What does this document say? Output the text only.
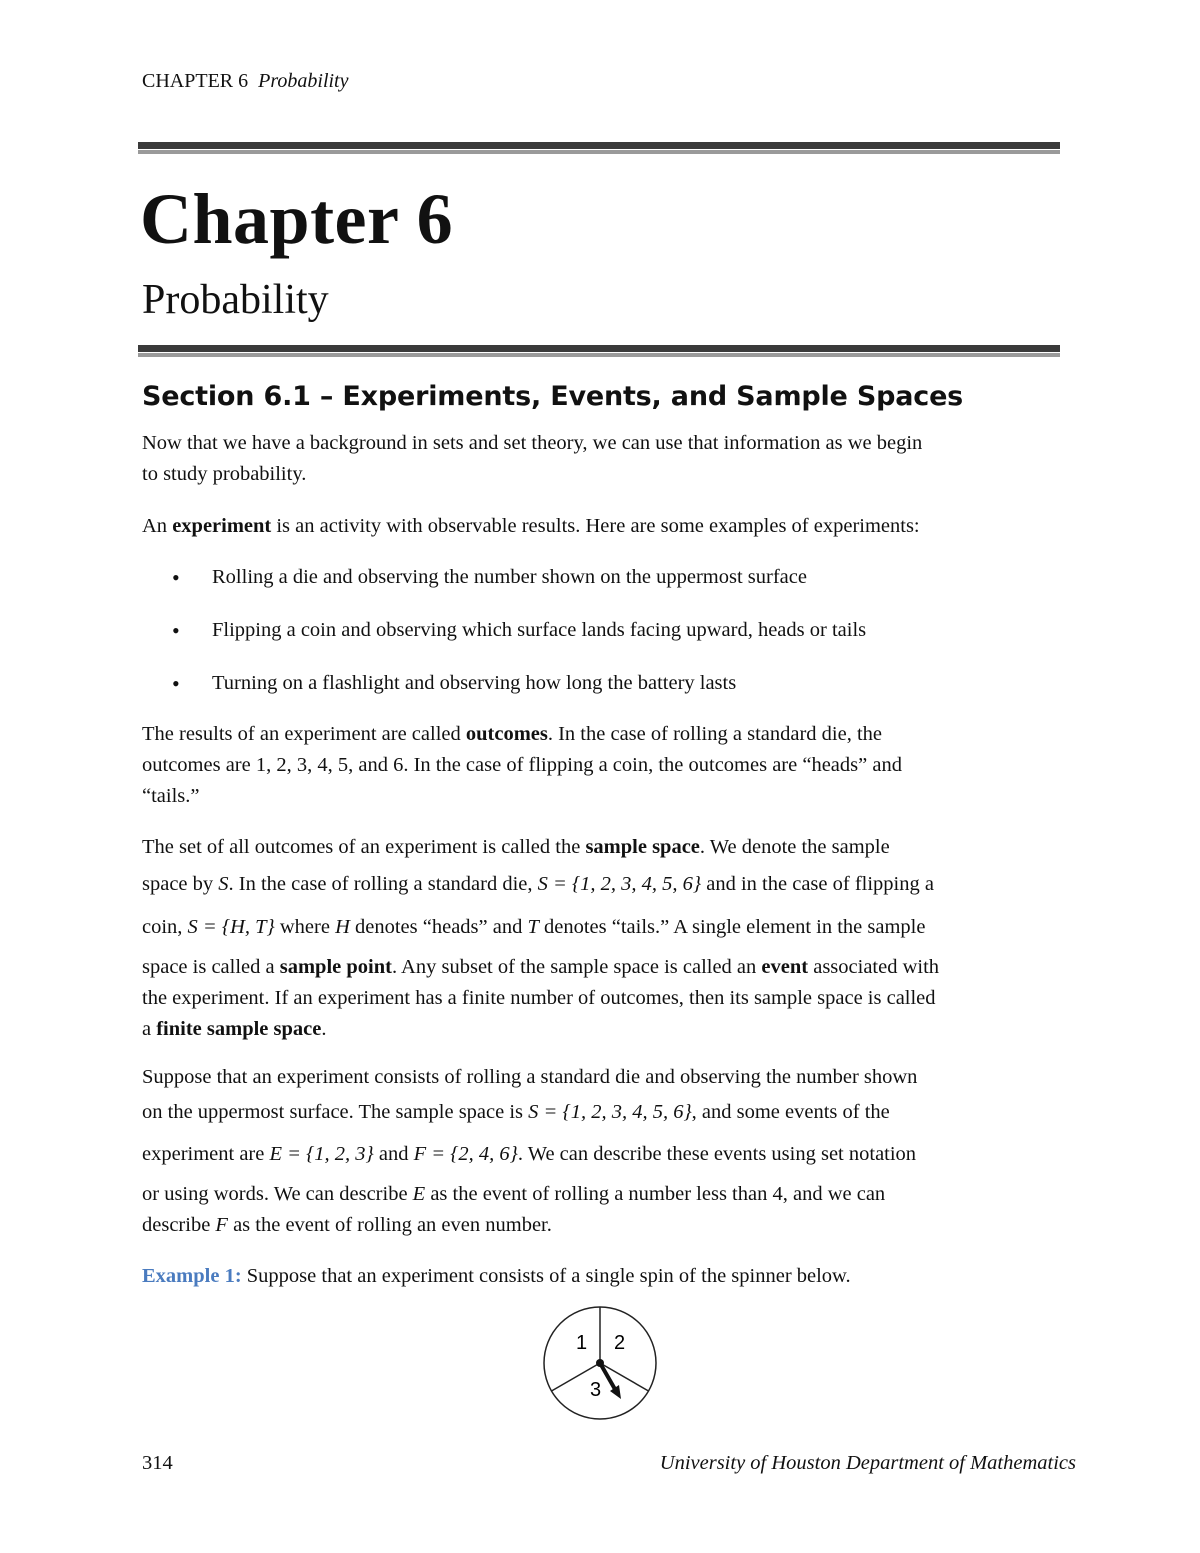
CHAPTER 6 Probability
Chapter 6
Probability
Section 6.1 – Experiments, Events, and Sample Spaces
Now that we have a background in sets and set theory, we can use that information as we begin
to study probability.
An experiment is an activity with observable results. Here are some examples of experiments:
• Rolling a die and observing the number shown on the uppermost surface
• Flipping a coin and observing which surface lands facing upward, heads or tails
• Turning on a flashlight and observing how long the battery lasts
The results of an experiment are called outcomes. In the case of rolling a standard die, the
outcomes are 1, 2, 3, 4, 5, and 6. In the case of flipping a coin, the outcomes are “heads” and
“tails.”
The set of all outcomes of an experiment is called the sample space. We denote the sample
space by S. In the case of rolling a standard die, S = {1, 2, 3, 4, 5, 6} and in the case of flipping a
coin, S = {H, T} where H denotes “heads” and T denotes “tails.” A single element in the sample
space is called a sample point. Any subset of the sample space is called an event associated with
the experiment. If an experiment has a finite number of outcomes, then its sample space is called
a finite sample space.
Suppose that an experiment consists of rolling a standard die and observing the number shown
on the uppermost surface. The sample space is S = {1, 2, 3, 4, 5, 6}, and some events of the
experiment are E = {1, 2, 3} and F = {2, 4, 6}. We can describe these events using set notation
or using words. We can describe E as the event of rolling a number less than 4, and we can
describe F as the event of rolling an even number.
Example 1: Suppose that an experiment consists of a single spin of the spinner below.
1 2
3
314	University of Houston Department of Mathematics
